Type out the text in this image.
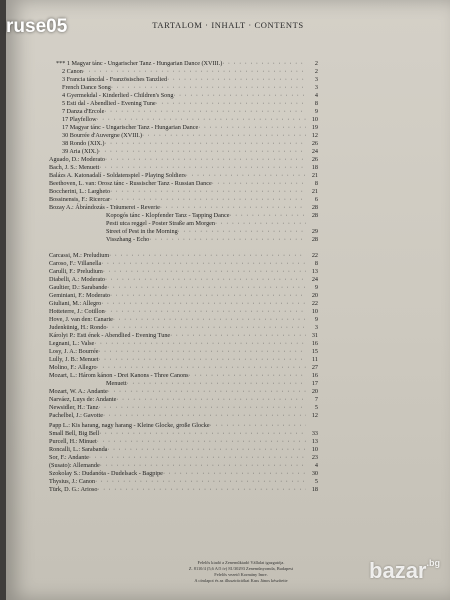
TARTALOM · INHALT · CONTENTS
*** 1 Magyar tánc - Ungarischer Tanz - Hungarian Dance (XVIII.) · · ·	2
2 Canon · · ·	2
3 Francia táncdal - Französisches Tanzlied · · ·	3
French Dance Song · · ·	3
4 Gyermekdal - Kinderlied - Children's Song · · ·	4
5 Esti dal - Abendlied - Evening Tune · · ·	8
7 Danza d'Ercole · · ·	9
17 Playfellow · · ·	10
17 Magyar tánc - Ungarischer Tanz - Hungarian Dance · · ·	19
30 Bourrée d'Auvergne (XVIII.) · · ·	12
38 Rondo (XIX.) · · ·	26
39 Aria (XIX.) · · ·	24
Aguado, D.: Moderato · · ·	26
Bach, J. S.: Menuett · · ·	18
Balázs A. Katonadalí - Soldatenspiel - Playing Soldiers · · ·	21
Beethoven, L. van: Orosz tánc - Russischer Tanz - Russian Dance · · ·	8
Boccherini, L.: Largheto · · ·	21
Bossinensis, F.: Ricercar · · ·	6
Bozay A.: Ábrándozás - Träumerei - Reverie · · ·	28
Kopogós tánc - Klopfender Tanz - Tapping Dance · · ·	28
Pesti utca reggel - Poster Straße am Morgen
· · ·
Street of Pest in the Morning · · ·	29
Visszhang - Echo · · ·	28
Carcassi, M.: Preludium · · ·	22
Caroso, F.: Villanella · · ·	8
Carulli, F.: Preludium · · ·	13
Diabelli, A.: Moderato · · ·	24
Gaultier, D.: Sarabande · · ·	9
Geminiani, F.: Moderato · · ·	20
Giuliani, M.: Allegro · · ·	22
Hotteterre, J.: Cotillon · · ·	10
Hove, J. van den: Canarie · · ·	9
Judenkünig, H.: Rondo · · ·	3
Károlyi P.: Esti ének - Abendlied - Evening Tune · · ·	31
Legnani, L.: Valse · · ·	16
Losy, J. A.: Bourrée · · ·	15
Lully, J. B.: Menuet · · ·	11
Molino, F.: Allegro · · ·	27
Mozart, L.: Három kánon - Drei Kanons - Three Canons · · ·	16
Menuett · · ·	17
Mozart, W. A.: Andante · · ·	20
Narváez, Luys de: Andante · · ·	7
Newsidler, H.: Tanz · · ·	5
Pachelbel, J.: Gavotte · · ·	12
Papp L.: Kis harang, nagy harang - Kleine Glocke, große Glocke
· · ·
Small Bell, Big Bell · · ·	33
Purcell, H.: Minuet · · ·	13
Roncalli, L.: Sarabanda · · ·	10
Sor, F.: Andante · · ·	23
(Susato): Allemande · · ·	4
Szokolay S.: Dudanóta - Dudelsack - Bagpipe · · ·	30
Thysius, J.: Canon · · ·	5
Türk, D. G.: Arioso · · ·	18
Felelős kiadó a Zeneműkiadó Vállalat igazgatója.
Z. 8110/4 (5,6 A/5 ív) 81/30293 Zeneműnyomda, Budapest
Felelős vezető Kormány Imre.
A címlapot és az illusztrációkat Kass János készítette
ruse05
bazar$^{.bg}$
